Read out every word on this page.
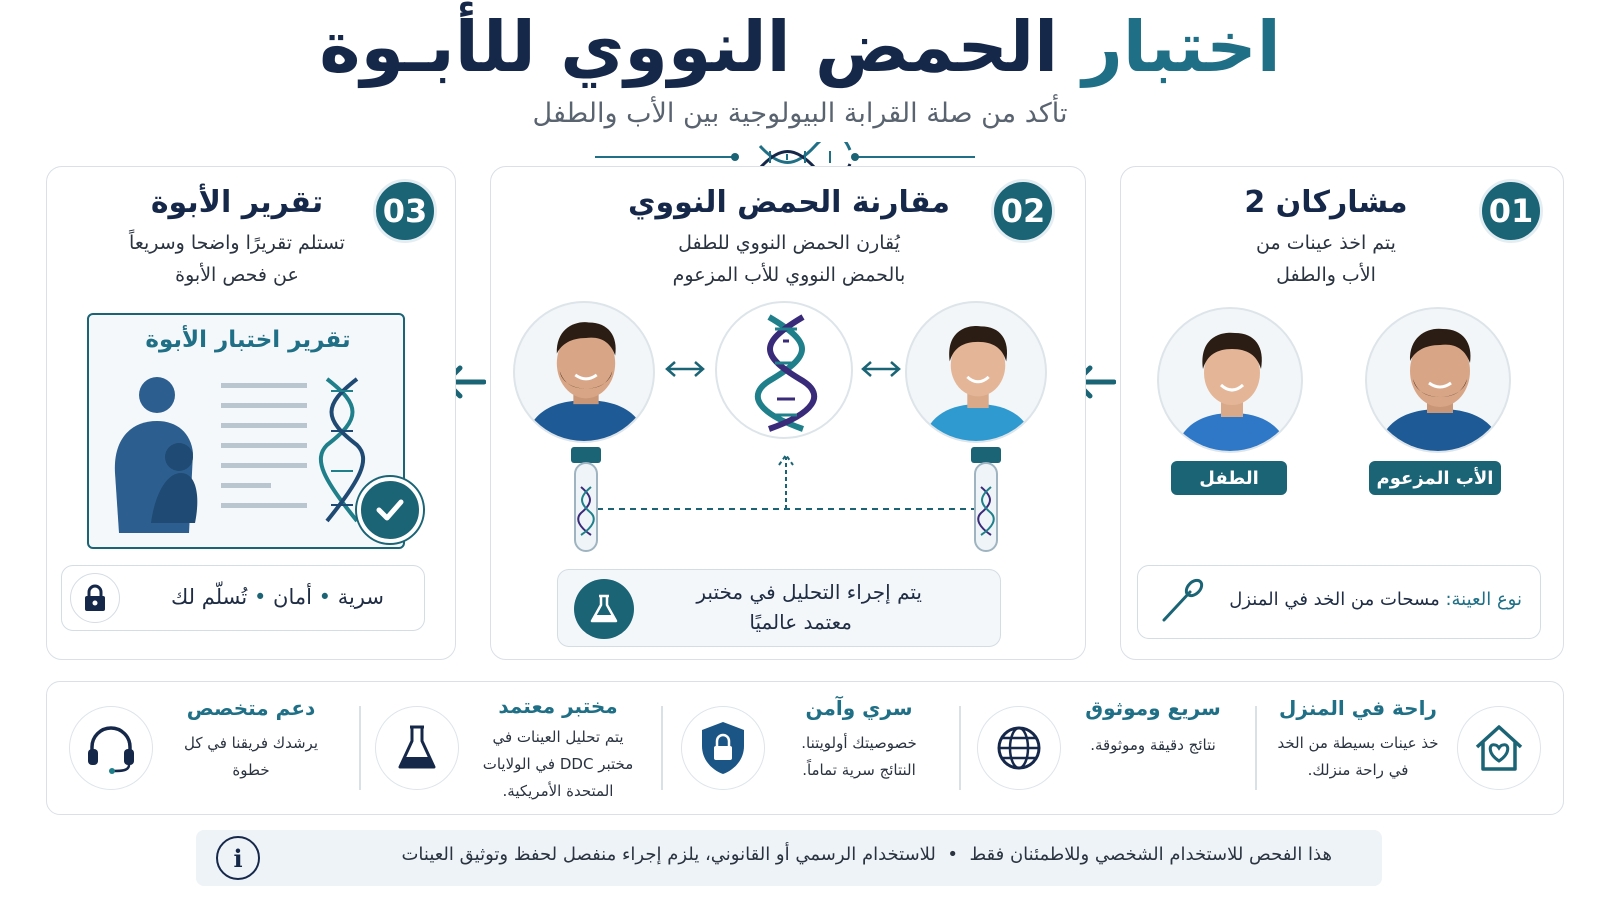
اختبار الحمض النووي للأبـوة
تأكد من صلة القرابة البيولوجية بين الأب والطفل
01
مشاركان 2
يتم اخذ عينات من
الأب والطفل
الأب المزعوم
الطفل
نوع العينة: مسحات من الخد في المنزل
02
مقارنة الحمض النووي
يُقارن الحمض النووي للطفل
بالحمض النووي للأب المزعوم
يتم إجراء التحليل في مختبر
معتمد عالميًا
03
تقرير الأبوة
تستلم تقريرًا واضحا وسريعاً
عن فحص الأبوة
تقرير اختبار الأبوة
سرية • أمان • تُسلّم لك
راحة في المنزل
خذ عينات بسيطة من الخد
في راحة منزلك.
سريع وموثوق
نتائج دقيقة وموثوقة.
سري وآمن
خصوصيتك أولويتنا.
النتائج سرية تماماً.
مختبر معتمد
يتم تحليل العينات في
مختبر DDC في الولايات
المتحدة الأمريكية.
دعم متخصص
يرشدك فريقنا في كل
خطوة
هذا الفحص للاستخدام الشخصي وللاطمئنان فقط  •  للاستخدام الرسمي أو القانوني، يلزم إجراء منفصل لحفظ وتوثيق العينات
i
